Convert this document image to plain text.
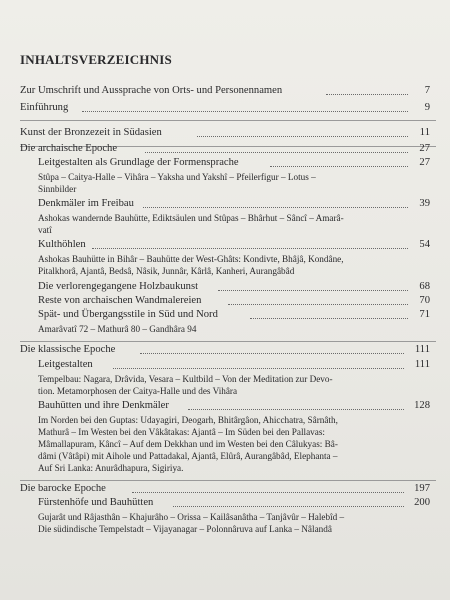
INHALTSVERZEICHNIS
Zur Umschrift und Aussprache von Orts- und Personennamen	7
Einführung	9
Kunst der Bronzezeit in Südasien	11
Die archaische Epoche	27
Leitgestalten als Grundlage der Formensprache	27
Stûpa – Caitya-Halle – Vihâra – Yaksha und Yakshî – Pfeilerfigur – Lotus –
Sinnbilder
Denkmäler im Freibau	39
Ashokas wandernde Bauhütte, Ediktsäulen und Stûpas – Bhârhut – Sâncî – Amarâ-
vatî
Kulthöhlen	54
Ashokas Bauhütte in Bihâr – Bauhütte der West-Ghâts: Kondivte, Bhâjâ, Kondâne,
Pitalkhorâ, Ajantâ, Bedsâ, Nâsik, Junnâr, Kârlâ, Kanheri, Aurangâbâd
Die verlorengegangene Holzbaukunst	68
Reste von archaischen Wandmalereien	70
Spät- und Übergangsstile in Süd und Nord	71
Amarâvatî 72 – Mathurâ 80 – Gandhâra 94
Die klassische Epoche	111
Leitgestalten	111
Tempelbau: Nagara, Drâvida, Vesara – Kultbild – Von der Meditation zur Devo-
tion. Metamorphosen der Caitya-Halle und des Vihâra
Bauhütten und ihre Denkmäler	128
Im Norden bei den Guptas: Udayagiri, Deogarh, Bhitârgâon, Ahicchatra, Sârnâth,
Mathurâ – Im Westen bei den Vâkâtakas: Ajantâ – Im Süden bei den Pallavas:
Mâmallapuram, Kâncî – Auf dem Dekkhan und im Westen bei den Câlukyas: Bâ-
dâmi (Vâtâpi) mit Aihole und Pattadakal, Ajantâ, Elûrâ, Aurangâbâd, Elephanta –
Auf Sri Lanka: Anurâdhapura, Sigiriya.
Die barocke Epoche	197
Fürstenhöfe und Bauhütten	200
Gujarât und Râjasthân – Khajurâho – Orissa – Kailâsanâtha – Tanjâvûr – Halebîd –
Die südindische Tempelstadt – Vijayanagar – Polonnâruva auf Lanka – Nâlandâ
